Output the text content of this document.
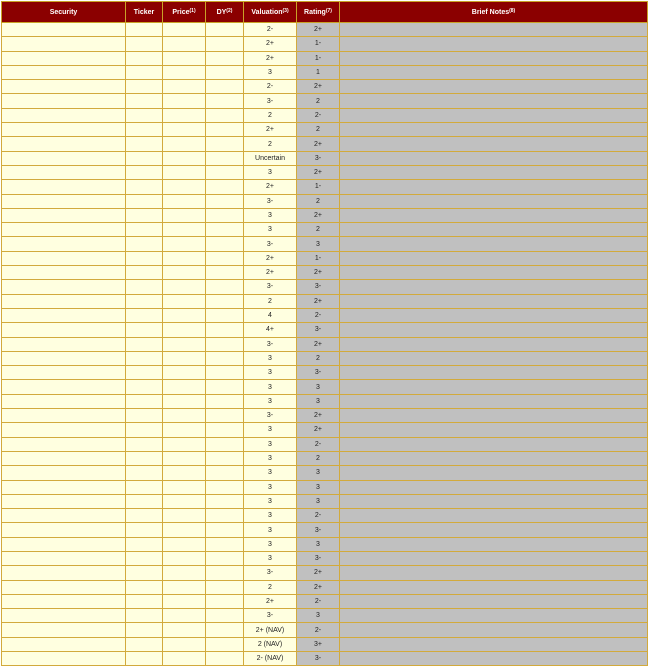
Security	Ticker	Price$^{(1)}$	DY$^{(2)}$	Valuation$^{(3)}$	Rating$^{(7)}$	Brief Notes$^{(8)}$
				2-	2+	
				2+	1-	
				2+	1-	
				3	1	
				2-	2+	
				3-	2	
				2	2-	
				2+	2	
				2	2+	
				Uncertain	3-	
				3	2+	
				2+	1-	
				3-	2	
				3	2+	
				3	2	
				3-	3	
				2+	1-	
				2+	2+	
				3-	3-	
				2	2+	
				4	2-	
				4+	3-	
				3-	2+	
				3	2	
				3	3-	
				3	3	
				3	3	
				3-	2+	
				3	2+	
				3	2-	
				3	2	
				3	3	
				3	3	
				3	3	
				3	2-	
				3	3-	
				3	3	
				3	3-	
				3-	2+	
				2	2+	
				2+	2-	
				3-	3	
				2+ (NAV)	2-	
				2 (NAV)	3+	
				2- (NAV)	3-	
